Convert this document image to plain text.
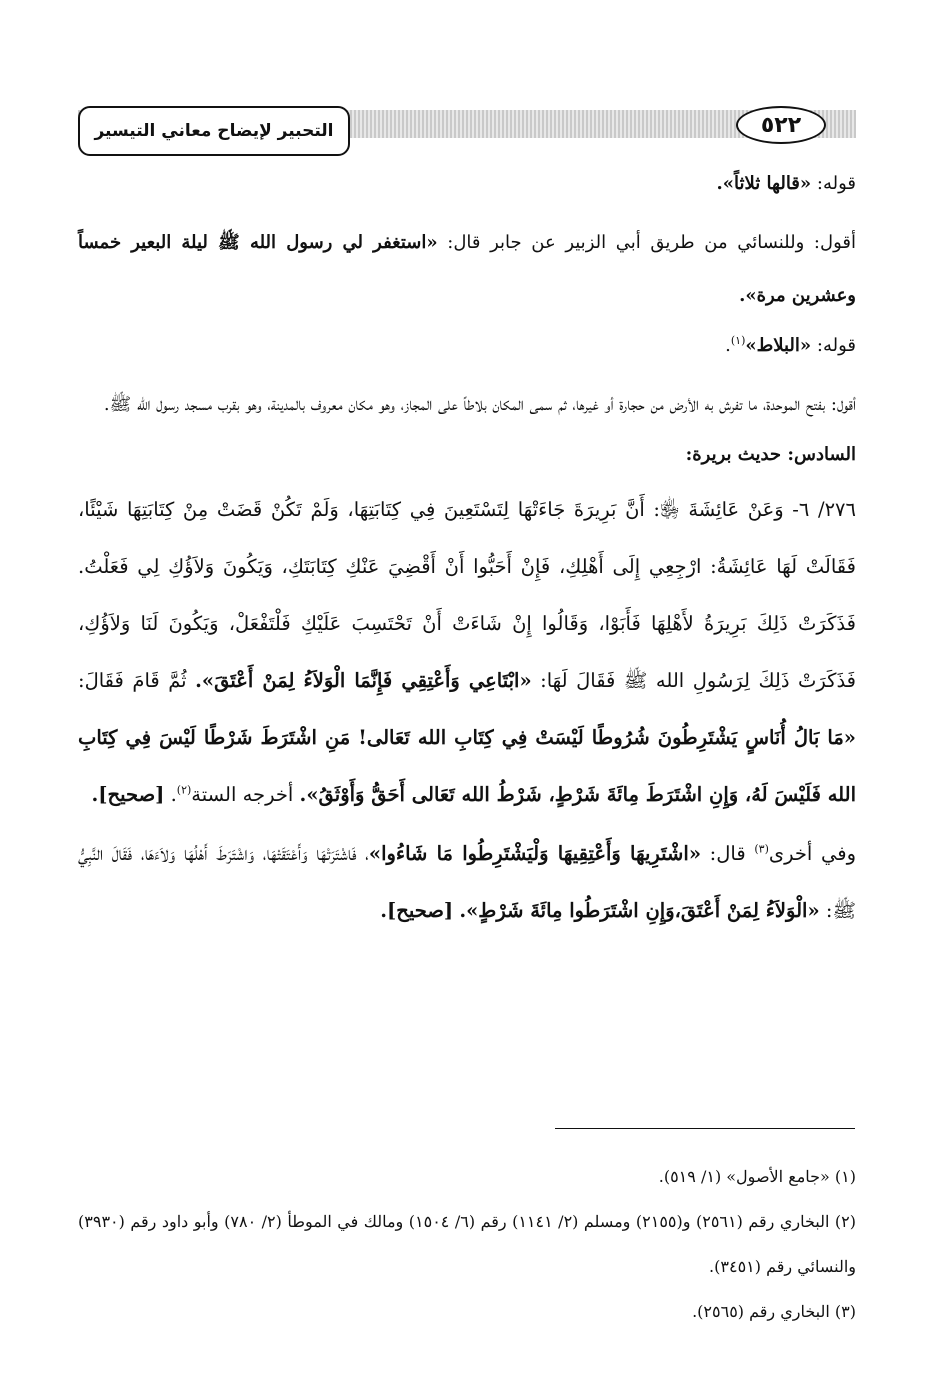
التحبير لإيضاح معاني التيسير	٥٢٢

قوله: «قالها ثلاثاً».

أقول: وللنسائي من طريق أبي الزبير عن جابر قال: «استغفر لي رسول الله ﷺ ليلة البعير خمساً وعشرين مرة».

قوله: «البلاط»$^{(١)}$.

أقول: بفتح الموحدة، ما تفرش به الأرض من حجارة أو غيرها، ثم سمى المكان بلاطاً على المجاز، وهو مكان معروف بالمدينة، وهو بقرب مسجد رسول الله ﷺ.

السادس: حديث بريرة:

٢٧٦/ ٦- وَعَنْ عَائِشَةَ ﵂: أَنَّ بَرِيرَةَ جَاءَتْهَا لِتَسْتَعِينَ فِي كِتَابَتِهَا، وَلَمْ تَكُنْ قَضَتْ مِنْ كِتَابَتِهَا شَيْئًا، فَقَالَتْ لَهَا عَائِشَةُ: ارْجِعِي إِلَى أَهْلِكِ، فَإِنْ أَحَبُّوا أَنْ أَقْضِيَ عَنْكِ كِتَابَتَكِ، وَيَكُونَ وَلاَؤُكِ لِي فَعَلْتُ. فَذَكَرَتْ ذَلِكَ بَرِيرَةُ لأَهْلِهَا فَأَبَوْا، وَقَالُوا إِنْ شَاءَتْ أَنْ تَحْتَسِبَ عَلَيْكِ فَلْتَفْعَلْ، وَيَكُونَ لَنَا وَلاَؤُكِ، فَذَكَرَتْ ذَلِكَ لِرَسُولِ الله ﷺ فَقَالَ لَهَا: «ابْتَاعِي وَأَعْتِقِي فَإِنَّمَا الْوَلاَءُ لِمَنْ أَعْتَقَ». ثُمَّ قَامَ فَقَالَ: «مَا بَالُ أُنَاسٍ يَشْتَرِطُونَ شُرُوطًا لَيْسَتْ فِي كِتَابِ الله تَعَالى! مَنِ اشْتَرَطَ شَرْطًا لَيْسَ فِي كِتَابِ الله فَلَيْسَ لَهُ، وَإِنِ اشْتَرَطَ مِائَةَ شَرْطٍ، شَرْطُ الله تَعَالى أَحَقُّ وَأَوْثَقُ». أخرجه الستة$^{(٢)}$. [صحيح].

وفي أخرى$^{(٣)}$ قال: «اشْتَرِيهَا وَأَعْتِقِيهَا وَلْيَشْتَرِطُوا مَا شَاءُوا»، فَاشْتَرَتْهَا وَأَعْتَقَتْهَا، وَاشْتَرَطَ أَهْلُهَا وَلاَءَهَا، فَقَالَ النَّبِيُّ ﷺ: «الْوَلاَءُ لِمَنْ أَعْتَقَ،وَإِنِ اشْتَرَطُوا مِائَةَ شَرْطٍ». [صحيح].

(١) «جامع الأصول» (١/ ٥١٩).

(٢) البخاري رقم (٢٥٦١) و(٢١٥٥) ومسلم (٢/ ١١٤١) رقم (٦/ ١٥٠٤) ومالك في الموطأ (٢/ ٧٨٠) وأبو داود رقم (٣٩٣٠) والنسائي رقم (٣٤٥١).

(٣) البخاري رقم (٢٥٦٥).
